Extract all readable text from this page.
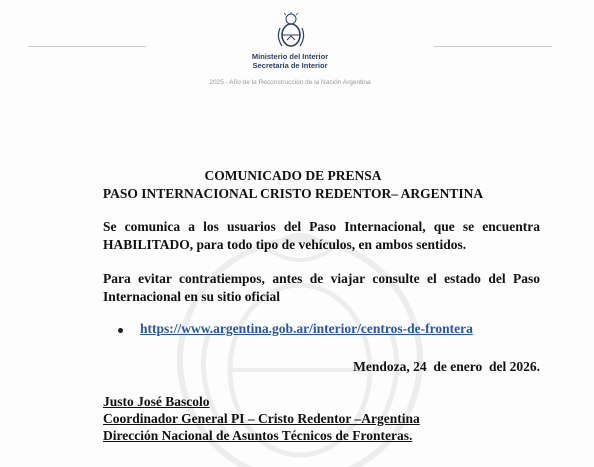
Ministerio del Interior
Secretaría de Interior
2025 - Año de la Reconstrucción de la Nación Argentina
COMUNICADO DE PRENSA
PASO INTERNACIONAL CRISTO REDENTOR– ARGENTINA
Se comunica a los usuarios del Paso Internacional, que se encuentra HABILITADO, para todo tipo de vehículos, en ambos sentidos.
Para evitar contratiempos, antes de viajar consulte el estado del Paso Internacional en su sitio oficial
https://www.argentina.gob.ar/interior/centros-de-frontera
Mendoza, 24  de enero  del 2026.
Justo José Bascolo
Coordinador General PI – Cristo Redentor –Argentina
Dirección Nacional de Asuntos Técnicos de Fronteras.
